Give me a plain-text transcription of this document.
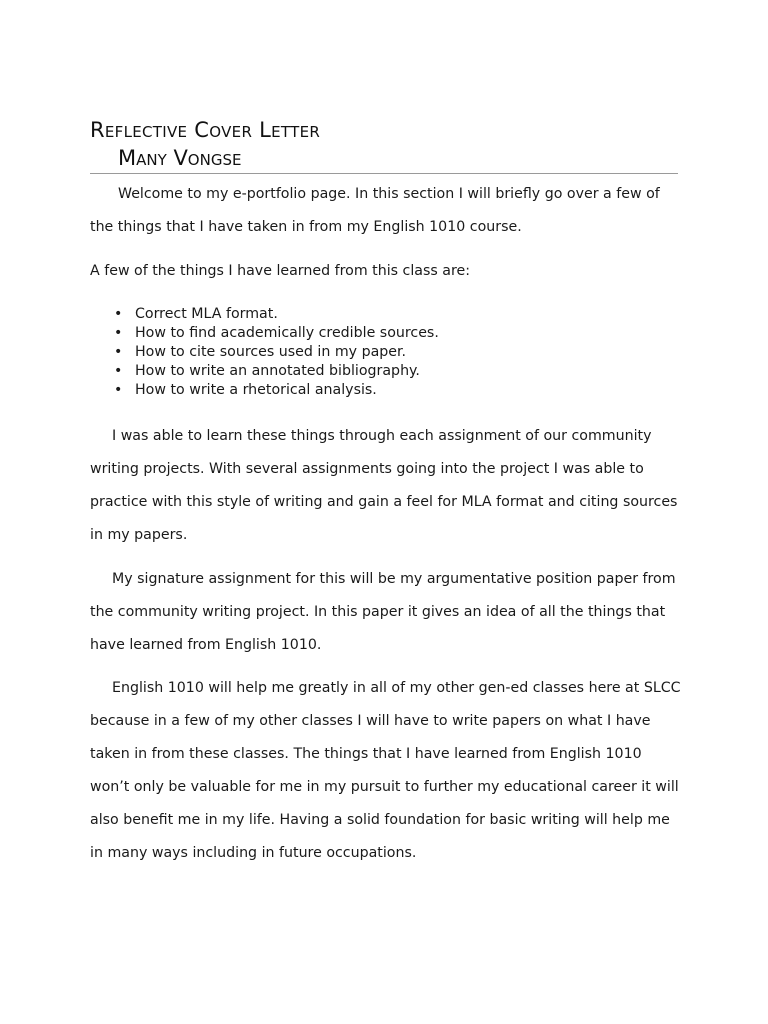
Reflective Cover Letter
Many Vongse

Welcome to my e-portfolio page. In this section I will briefly go over a few of the things that I have taken in from my English 1010 course.

A few of the things I have learned from this class are:

• Correct MLA format.
• How to find academically credible sources.
• How to cite sources used in my paper.
• How to write an annotated bibliography.
• How to write a rhetorical analysis.

I was able to learn these things through each assignment of our community writing projects. With several assignments going into the project I was able to practice with this style of writing and gain a feel for MLA format and citing sources in my papers.

My signature assignment for this will be my argumentative position paper from the community writing project. In this paper it gives an idea of all the things that have learned from English 1010.

English 1010 will help me greatly in all of my other gen-ed classes here at SLCC because in a few of my other classes I will have to write papers on what I have taken in from these classes. The things that I have learned from English 1010 won’t only be valuable for me in my pursuit to further my educational career it will also benefit me in my life. Having a solid foundation for basic writing will help me in many ways including in future occupations.
